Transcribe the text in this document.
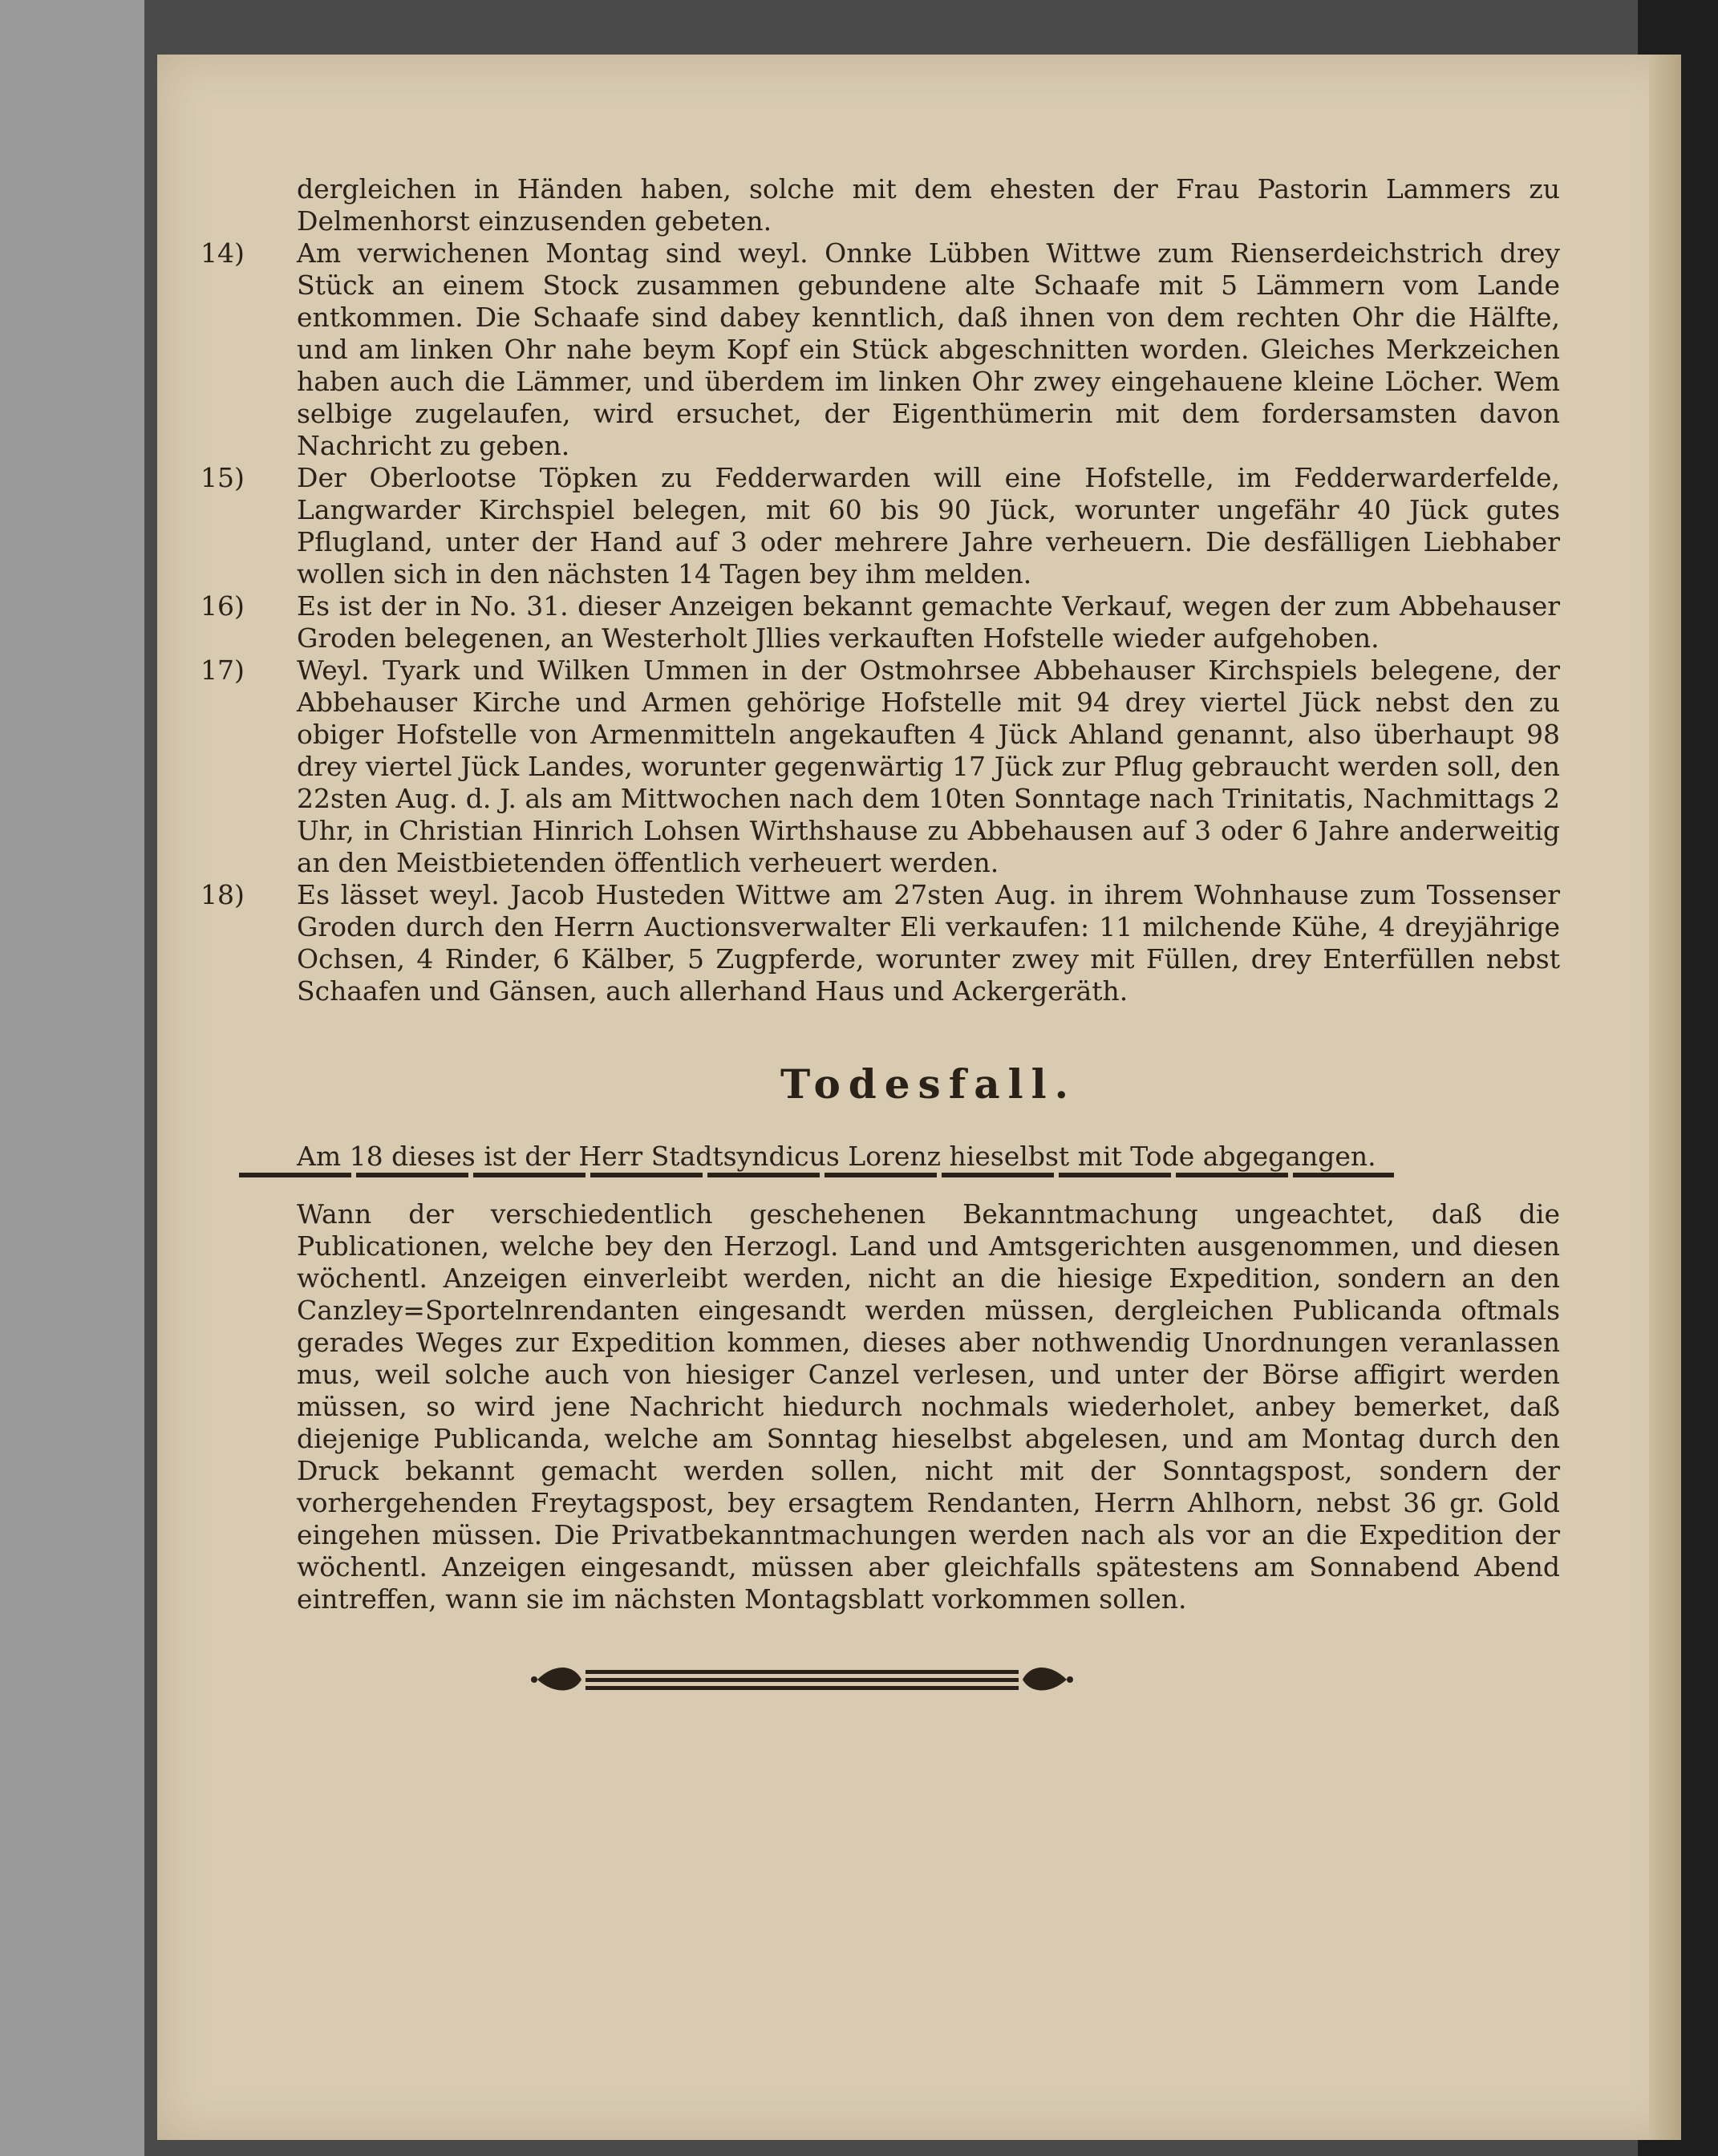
dergleichen in Händen haben, solche mit dem ehesten der Frau Pastorin Lammers zu Delmenhorst einzusenden gebeten.

14)	Am verwichenen Montag sind weyl. Onnke Lübben Wittwe zum Rienserdeichstrich drey Stück an einem Stock zusammen gebundene alte Schaafe mit 5 Lämmern vom Lande entkommen. Die Schaafe sind dabey kenntlich, daß ihnen von dem rechten Ohr die Hälfte, und am linken Ohr nahe beym Kopf ein Stück abgeschnitten worden. Gleiches Merkzeichen haben auch die Lämmer, und überdem im linken Ohr zwey eingehauene kleine Löcher. Wem selbige zugelaufen, wird ersuchet, der Eigenthümerin mit dem fordersamsten davon Nachricht zu geben.

15)	Der Oberlootse Töpken zu Fedderwarden will eine Hofstelle, im Fedderwarderfelde, Langwarder Kirchspiel belegen, mit 60 bis 90 Jück, worunter ungefähr 40 Jück gutes Pflugland, unter der Hand auf 3 oder mehrere Jahre verheuern. Die desfälligen Liebhaber wollen sich in den nächsten 14 Tagen bey ihm melden.

16)	Es ist der in No. 31. dieser Anzeigen bekannt gemachte Verkauf, wegen der zum Abbehauser Groden belegenen, an Westerholt Jllies verkauften Hofstelle wieder aufgehoben.

17)	Weyl. Tyark und Wilken Ummen in der Ostmohrsee Abbehauser Kirchspiels belegene, der Abbehauser Kirche und Armen gehörige Hofstelle mit 94 drey viertel Jück nebst den zu obiger Hofstelle von Armenmitteln angekauften 4 Jück Ahland genannt, also überhaupt 98 drey viertel Jück Landes, worunter gegenwärtig 17 Jück zur Pflug gebraucht werden soll, den 22sten Aug. d. J. als am Mittwochen nach dem 10ten Sonntage nach Trinitatis, Nachmittags 2 Uhr, in Christian Hinrich Lohsen Wirthshause zu Abbehausen auf 3 oder 6 Jahre anderweitig an den Meistbietenden öffentlich verheuert werden.

18)	Es lässet weyl. Jacob Husteden Wittwe am 27sten Aug. in ihrem Wohnhause zum Tossenser Groden durch den Herrn Auctionsverwalter Eli verkaufen: 11 milchende Kühe, 4 dreyjährige Ochsen, 4 Rinder, 6 Kälber, 5 Zugpferde, worunter zwey mit Füllen, drey Enterfüllen nebst Schaafen und Gänsen, auch allerhand Haus und Ackergeräth.

Todesfall.

Am 18 dieses ist der Herr Stadtsyndicus Lorenz hieselbst mit Tode abgegangen.

Wann der verschiedentlich geschehenen Bekanntmachung ungeachtet, daß die Publicationen, welche bey den Herzogl. Land und Amtsgerichten ausgenommen, und diesen wöchentl. Anzeigen einverleibt werden, nicht an die hiesige Expedition, sondern an den Canzley=Sportelnrendanten eingesandt werden müssen, dergleichen Publicanda oftmals gerades Weges zur Expedition kommen, dieses aber nothwendig Unordnungen veranlassen mus, weil solche auch von hiesiger Canzel verlesen, und unter der Börse affigirt werden müssen, so wird jene Nachricht hiedurch nochmals wiederholet, anbey bemerket, daß diejenige Publicanda, welche am Sonntag hieselbst abgelesen, und am Montag durch den Druck bekannt gemacht werden sollen, nicht mit der Sonntagspost, sondern der vorhergehenden Freytagspost, bey ersagtem Rendanten, Herrn Ahlhorn, nebst 36 gr. Gold eingehen müssen. Die Privatbekanntmachungen werden nach als vor an die Expedition der wöchentl. Anzeigen eingesandt, müssen aber gleichfalls spätestens am Sonnabend Abend eintreffen, wann sie im nächsten Montagsblatt vorkommen sollen.
